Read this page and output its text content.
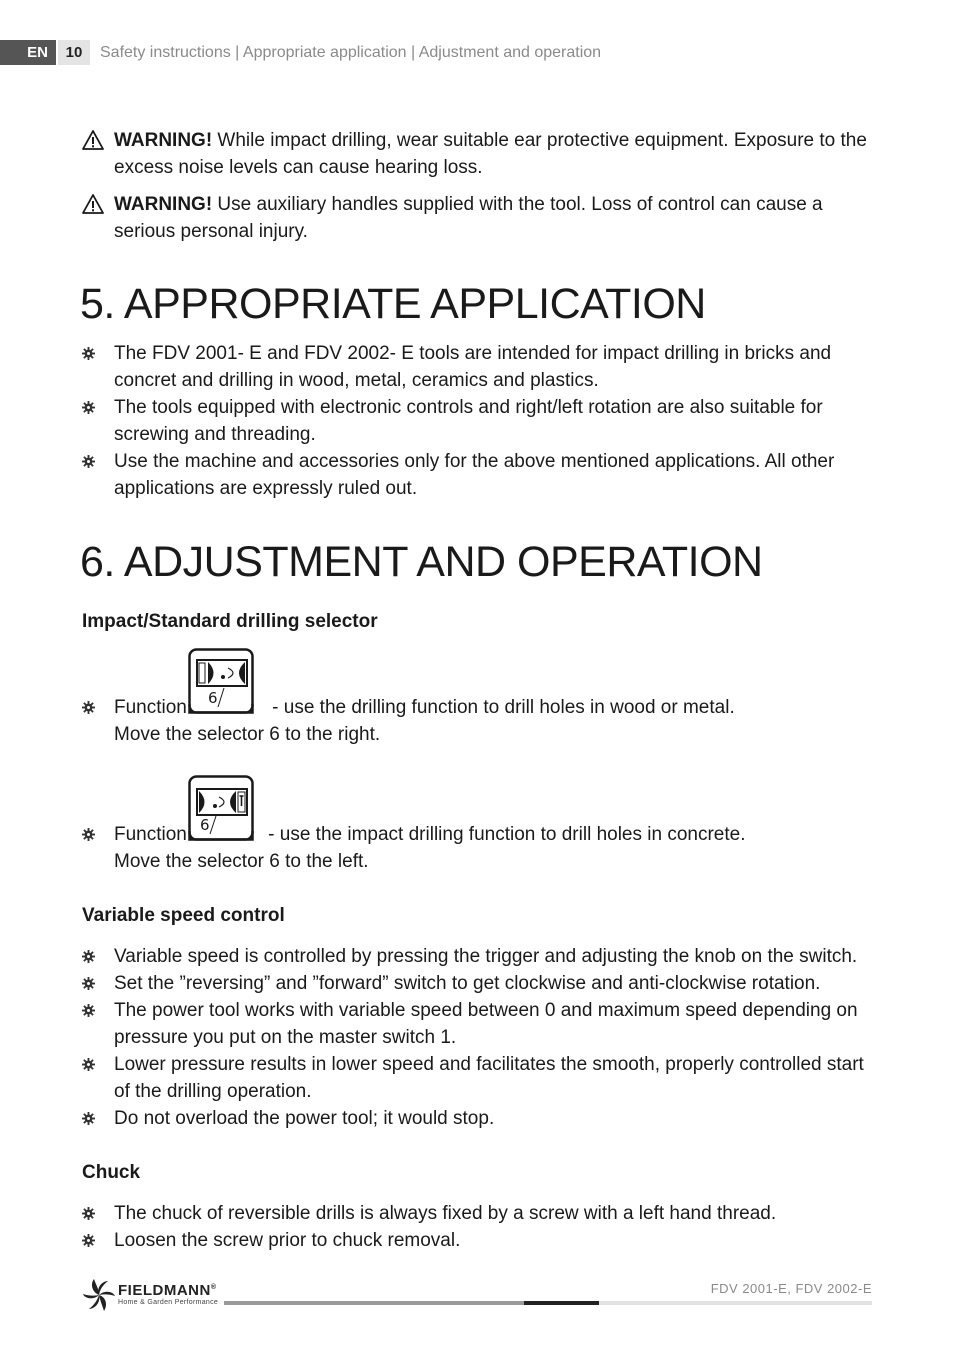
EN	10	Safety instructions | Appropriate application | Adjustment and operation
WARNING! While impact drilling, wear suitable ear protective equipment. Exposure to the excess noise levels can cause hearing loss.
WARNING! Use auxiliary handles supplied with the tool. Loss of control can cause a serious personal injury.
5. APPROPRIATE APPLICATION
The FDV 2001- E and FDV 2002- E tools are intended for impact drilling in bricks and concret and drilling in wood, metal, ceramics and plastics.
The tools equipped with electronic controls and right/left rotation are also suitable for screwing and threading.
Use the machine and accessories only for the above mentioned applications. All other applications are expressly ruled out.
6. ADJUSTMENT AND OPERATION
Impact/Standard drilling selector
6
Function	- use the drilling function to drill holes in wood or metal.
Move the selector 6 to the right.
6
Function	- use the impact drilling function to drill holes in concrete.
Move the selector 6 to the left.
Variable speed control
Variable speed is controlled by pressing the trigger and adjusting the knob on the switch.
Set the ”reversing” and ”forward” switch to get clockwise and anti-clockwise rotation.
The power tool works with variable speed between 0 and maximum speed depending on pressure you put on the master switch 1.
Lower pressure results in lower speed and facilitates the smooth, properly controlled start of the drilling operation.
Do not overload the power tool; it would stop.
Chuck
The chuck of reversible drills is always fixed by a screw with a left hand thread.
Loosen the screw prior to chuck removal.
FIELDMANN®
Home & Garden Performance
FDV 2001-E, FDV 2002-E
